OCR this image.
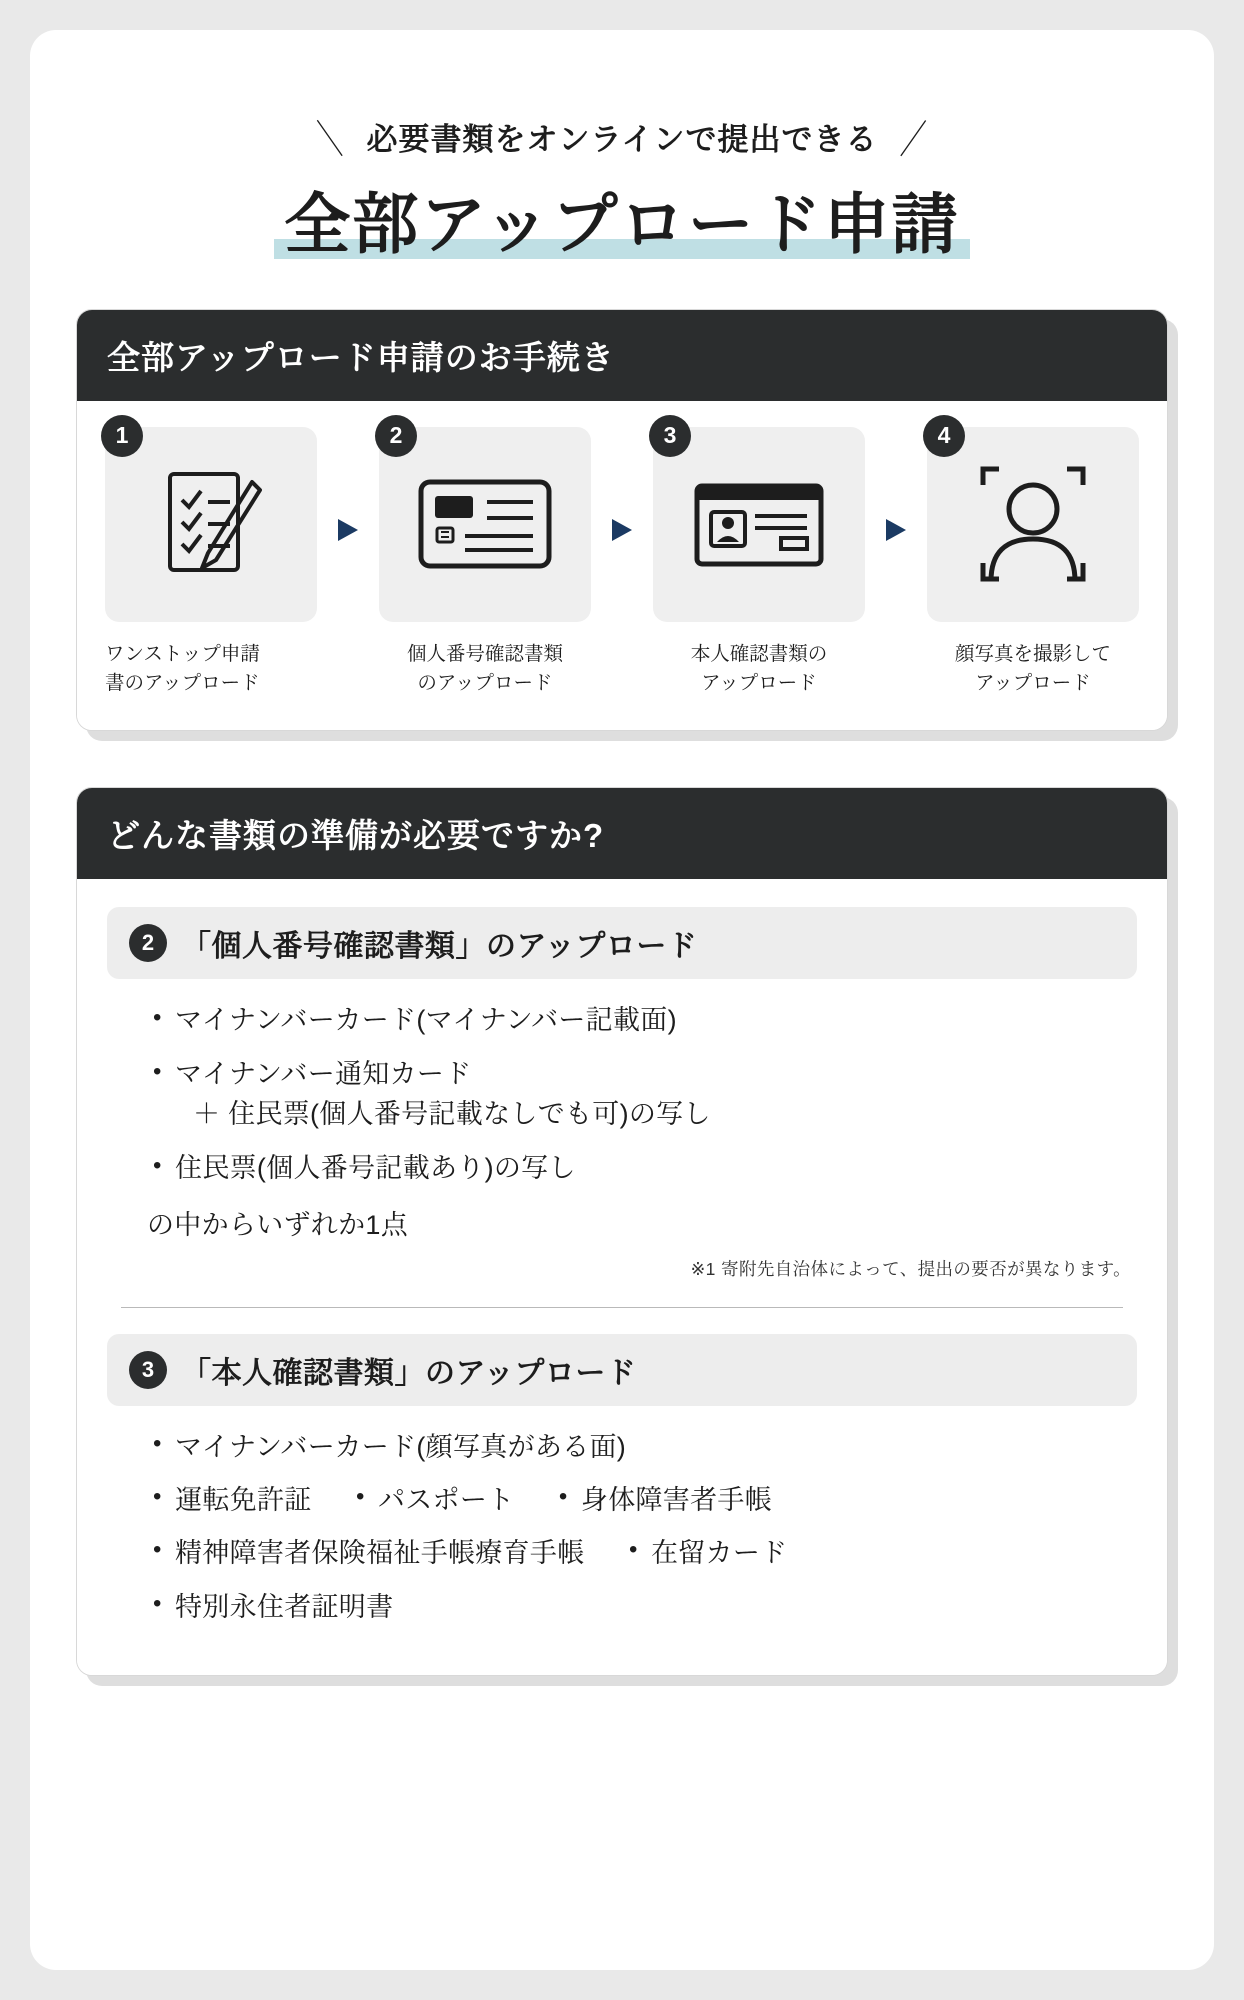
＼ 必要書類をオンラインで提出できる ／

全部アップロード申請
全部アップロード申請のお手続き
1
ワンストップ申請
書のアップロード
2
個人番号確認書類
のアップロード
3
本人確認書類の
アップロード
4
顔写真を撮影して
アップロード
どんな書類の準備が必要ですか?
2 「個人番号確認書類」のアップロード
• マイナンバーカード(マイナンバー記載面)
• マイナンバー通知カード
＋ 住民票(個人番号記載なしでも可)の写し
• 住民票(個人番号記載あり)の写し
の中からいずれか1点
※1 寄附先自治体によって、提出の要否が異なります。
3 「本人確認書類」のアップロード
• マイナンバーカード(顔写真がある面)
• 運転免許証 • パスポート • 身体障害者手帳
• 精神障害者保険福祉手帳療育手帳 • 在留カード
• 特別永住者証明書
